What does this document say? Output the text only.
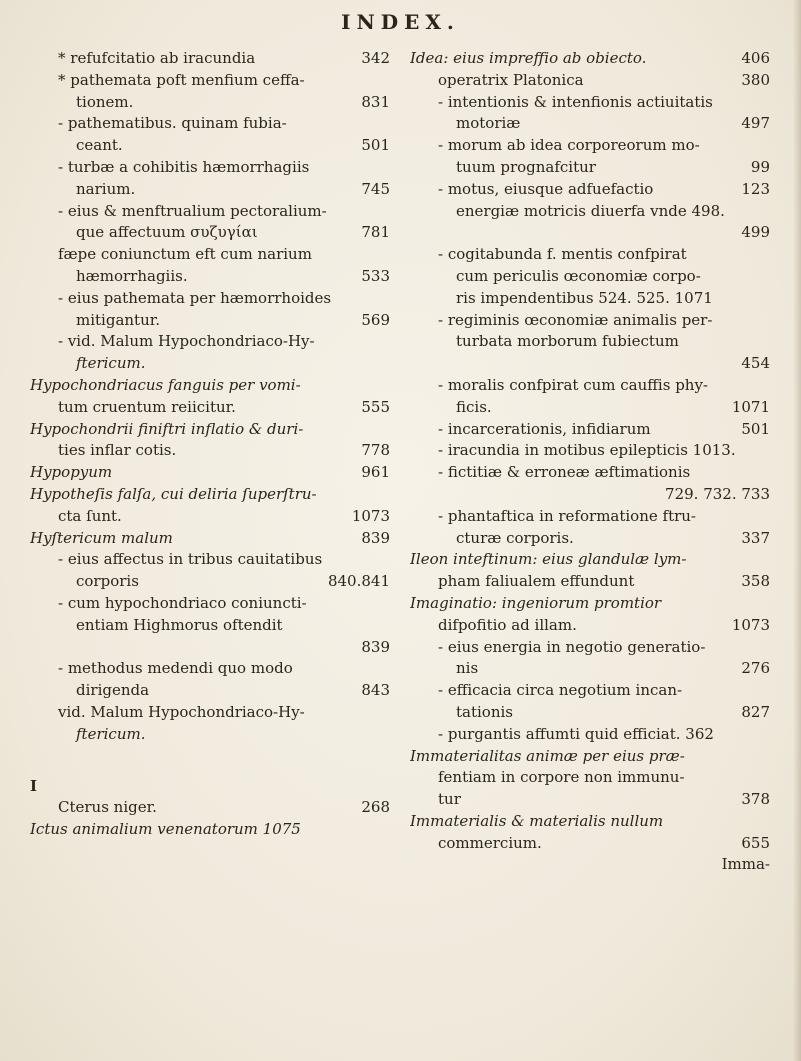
INDEX.
* refufcitatio ab iracundia	342
* pathemata poft menfium ceffa-
tionem.	831
- pathematibus. quinam fubia-
ceant.	501
- turbæ a cohibitis hæmorrhagiis
narium.	745
- eius & menftrualium pectoralium-
que affectuum συζυγίαι	781
fæpe coniunctum eft cum narium
hæmorrhagiis.	533
- eius pathemata per hæmorrhoides
mitigantur.	569
- vid. Malum Hypochondriaco-Hy-
ftericum.
Hypochondriacus fanguis per vomi-
tum cruentum reiicitur.	555
Hypochondrii finiftri inflatio & duri-
ties inflar cotis.	778
Hypopyum	961
Hypotheſis falſa, cui deliria ſuperſtru-
cta ſunt.	1073
Hyſtericum malum	839
- eius affectus in tribus cauitatibus
corporis	840.841
- cum hypochondriaco coniuncti-
entiam Highmorus oftendit
839
- methodus medendi quo modo
dirigenda	843
vid. Malum Hypochondriaco-Hy-
ftericum.
I
Cterus niger.	268
Ictus animalium venenatorum 1075
Idea: eius impreffio ab obiecto.	406
operatrix Platonica	380
- intentionis & intenfionis actiuitatis
motoriæ	497
- morum ab idea corporeorum mo-
tuum prognafcitur	99
- motus, eiusque adfuefactio	123
energiæ motricis diuerfa vnde 498.
499
- cogitabunda f. mentis confpirat
cum periculis œconomiæ corpo-
ris impendentibus 524. 525. 1071
- regiminis œconomiæ animalis per-
turbata morborum fubiectum
454
- moralis confpirat cum cauffis phy-
ficis.	1071
- incarcerationis, infidiarum	501
- iracundia in motibus epilepticis 1013.
- fictitiæ & erroneæ æftimationis
729. 732. 733
- phantaftica in reformatione ftru-
cturæ corporis.	337
Ileon inteftinum: eius glandulæ lym-
pham faliualem effundunt	358
Imaginatio: ingeniorum promtior
difpofitio ad illam.	1073
- eius energia in negotio generatio-
nis	276
- efficacia circa negotium incan-
tationis	827
- purgantis affumti quid efficiat. 362
Immaterialitas animæ per eius præ-
fentiam in corpore non immunu-
tur	378
Immaterialis & materialis nullum
commercium.	655
Imma-
